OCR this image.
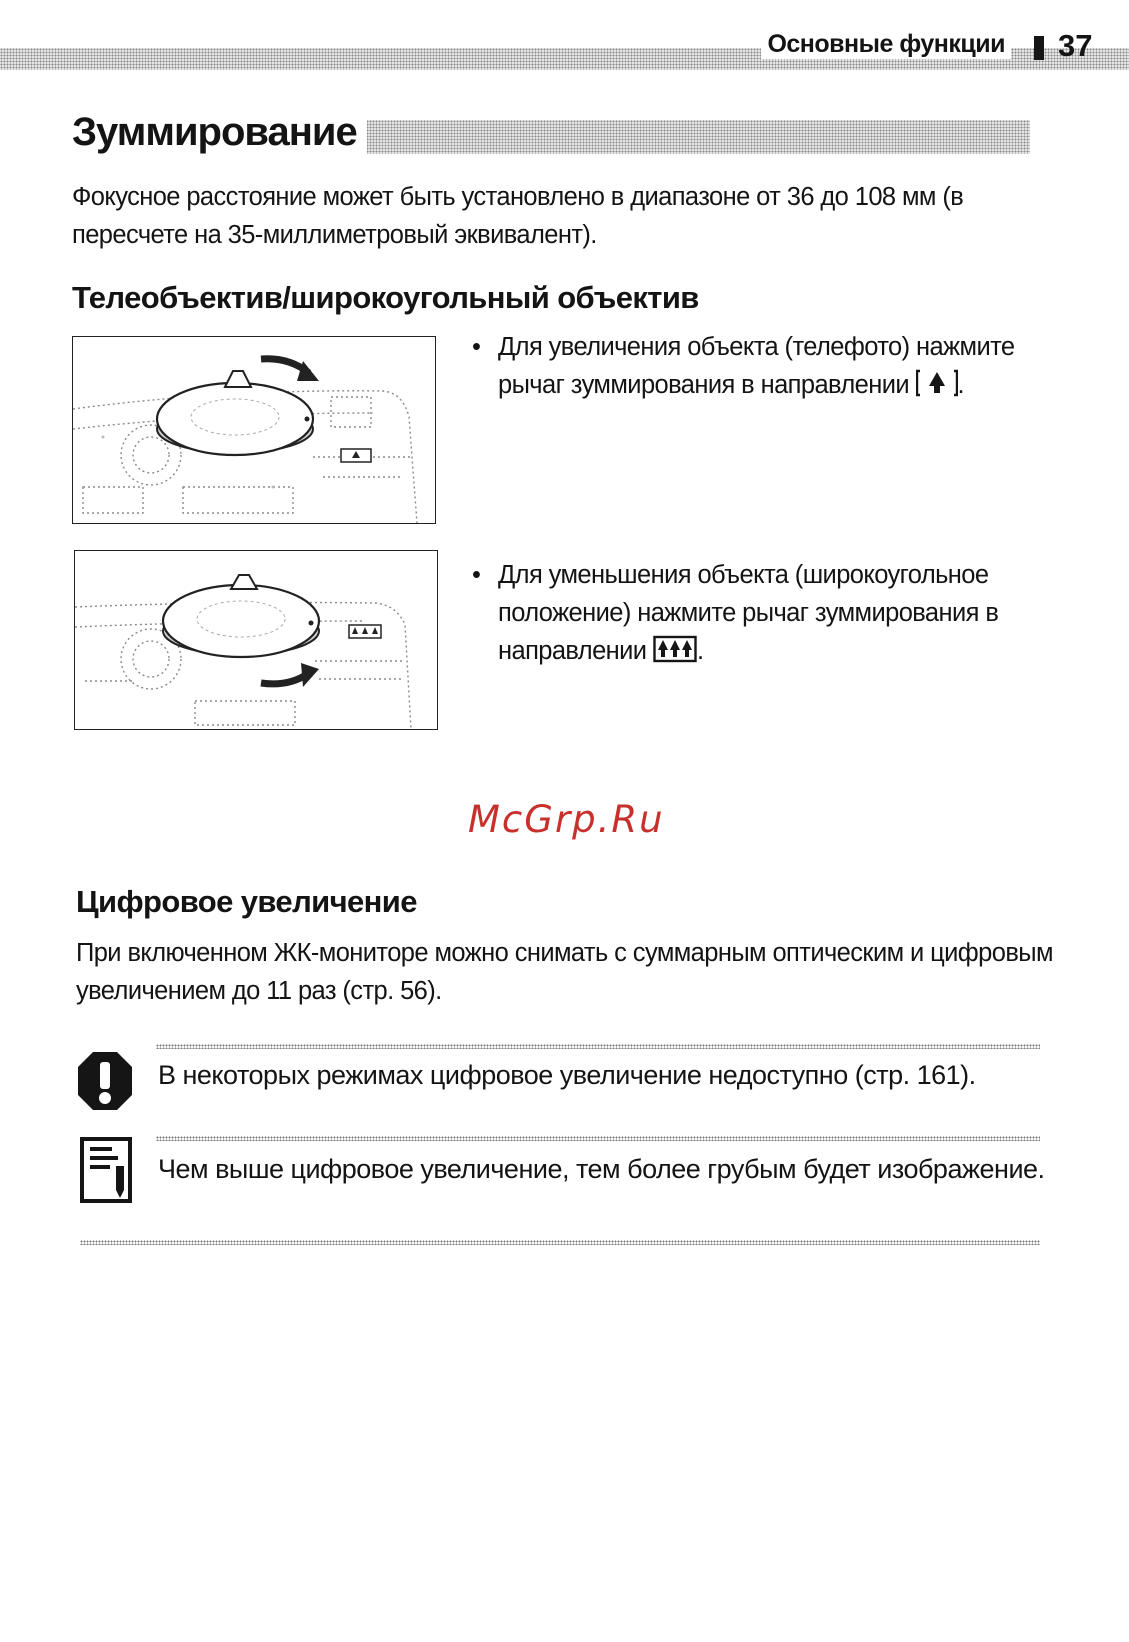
Основные функции 37
Зуммирование

Фокусное расстояние может быть установлено в диапазоне от 36 до 108 мм (в пересчете на 35-миллиметровый эквивалент).

Телеобъектив/широкоугольный объектив

• Для увеличения объекта (телефото) нажмите рычаг зуммирования в направлении .

• Для уменьшения объекта (широкоугольное положение) нажмите рычаг зуммирования в направлении .

McGrp.Ru
Цифровое увеличение

При включенном ЖК-мониторе можно снимать с суммарным оптическим и цифровым увеличением до 11 раз (стр. 56).

В некоторых режимах цифровое увеличение недоступно (стр. 161).
Чем выше цифровое увеличение, тем более грубым будет изображение.
